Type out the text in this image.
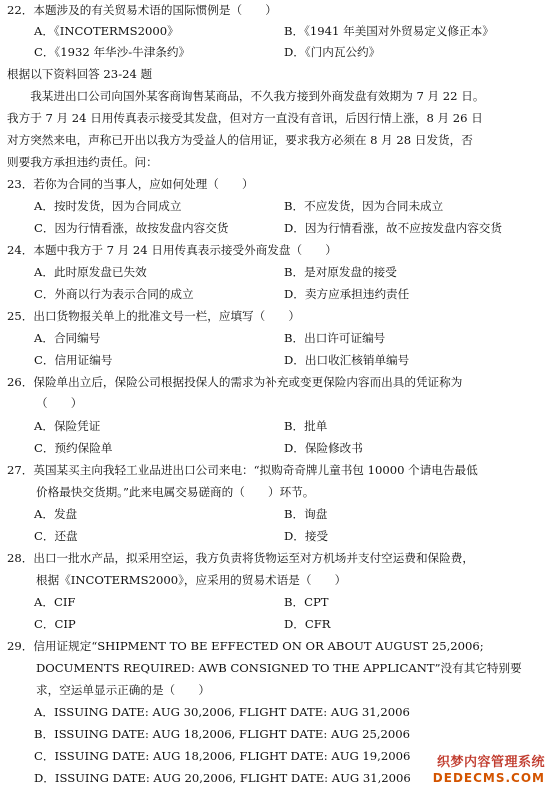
22．本题涉及的有关贸易术语的国际惯例是（　　）
A．《INCOTERMS2000》	B．《1941 年美国对外贸易定义修正本》
C．《1932 年华沙-牛津条约》	D．《门内瓦公约》
根据以下资料回答 23-24 题
　　我某进出口公司向国外某客商询售某商品，不久我方接到外商发盘有效期为 7 月 22 日。
我方于 7 月 24 日用传真表示接受其发盘，但对方一直没有音讯，后因行情上涨，8 月 26 日
对方突然来电，声称已开出以我方为受益人的信用证，要求我方必须在 8 月 28 日发货，否
则要我方承担违约责任。问：
23．若你为合同的当事人，应如何处理（　　）
A．按时发货，因为合同成立	B．不应发货，因为合同未成立
C．因为行情看涨，故按发盘内容交货	D．因为行情看涨，故不应按发盘内容交货
24．本题中我方于 7 月 24 日用传真表示接受外商发盘（　　）
A．此时原发盘已失效	B．是对原发盘的接受
C．外商以行为表示合同的成立	D．卖方应承担违约责任
25．出口货物报关单上的批准文号一栏，应填写（　　）
A．合同编号	B．出口许可证编号
C．信用证编号	D．出口收汇核销单编号
26．保险单出立后，保险公司根据投保人的需求为补充或变更保险内容而出具的凭证称为
（　　）
A．保险凭证	B．批单
C．预约保险单	D．保险修改书
27．英国某买主向我轻工业品进出口公司来电：“拟购奇奇牌儿童书包 10000 个请电告最低
价格最快交货期。”此来电属交易磋商的（　　）环节。
A．发盘	B．询盘
C．还盘	D．接受
28．出口一批水产品，拟采用空运，我方负责将货物运至对方机场并支付空运费和保险费，
根据《INCOTERMS2000》，应采用的贸易术语是（　　）
A．CIF	B．CPT
C．CIP	D．CFR
29．信用证规定“SHIPMENT TO BE EFFECTED ON OR ABOUT AUGUST 25,2006;
DOCUMENTS REQUIRED: AWB CONSIGNED TO THE APPLICANT”没有其它特别要
求，空运单显示正确的是（　　）
A．ISSUING DATE: AUG 30,2006, FLIGHT DATE: AUG 31,2006
B．ISSUING DATE: AUG 18,2006, FLIGHT DATE: AUG 25,2006
C．ISSUING DATE: AUG 18,2006, FLIGHT DATE: AUG 19,2006
D．ISSUING DATE: AUG 20,2006, FLIGHT DATE: AUG 31,2006
织梦内容管理系统
DEDECMS.COM
